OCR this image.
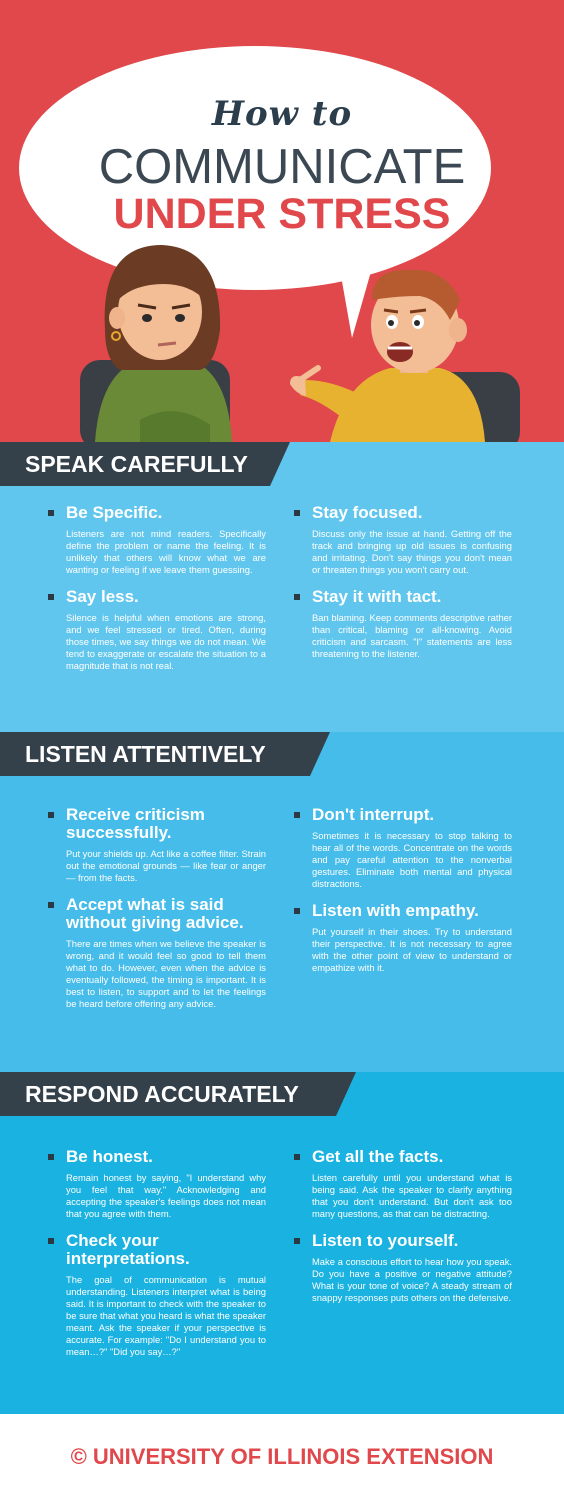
How to
COMMUNICATE
UNDER STRESS
SPEAK CAREFULLY
Be Specific.

Listeners are not mind readers. Specifically define the problem or name the feeling. It is unlikely that others will know what we are wanting or feeling if we leave them guessing.

Say less.

Silence is helpful when emotions are strong, and we feel stressed or tired. Often, during those times, we say things we do not mean. We tend to exaggerate or escalate the situation to a magnitude that is not real.

Stay focused.

Discuss only the issue at hand. Getting off the track and bringing up old issues is confusing and irritating. Don't say things you don't mean or threaten things you won't carry out.

Stay it with tact.

Ban blaming. Keep comments descriptive rather than critical, blaming or all-knowing. Avoid criticism and sarcasm. "I" statements are less threatening to the listener.

LISTEN ATTENTIVELY
Receive criticism successfully.

Put your shields up. Act like a coffee filter. Strain out the emotional grounds — like fear or anger — from the facts.

Accept what is said without giving advice.

There are times when we believe the speaker is wrong, and it would feel so good to tell them what to do. However, even when the advice is eventually followed, the timing is important. It is best to listen, to support and to let the feelings be heard before offering any advice.

Don't interrupt.

Sometimes it is necessary to stop talking to hear all of the words. Concentrate on the words and pay careful attention to the nonverbal gestures. Eliminate both mental and physical distractions.

Listen with empathy.

Put yourself in their shoes. Try to understand their perspective. It is not necessary to agree with the other point of view to understand or empathize with it.

RESPOND ACCURATELY
Be honest.

Remain honest by saying, "I understand why you feel that way." Acknowledging and accepting the speaker's feelings does not mean that you agree with them.

Check your interpretations.

The goal of communication is mutual understanding. Listeners interpret what is being said. It is important to check with the speaker to be sure that what you heard is what the speaker meant. Ask the speaker if your perspective is accurate. For example: "Do I understand you to mean…?" "Did you say…?"

Get all the facts.

Listen carefully until you understand what is being said. Ask the speaker to clarify anything that you don't understand. But don't ask too many questions, as that can be distracting.

Listen to yourself.

Make a conscious effort to hear how you speak. Do you have a positive or negative attitude? What is your tone of voice? A steady stream of snappy responses puts others on the defensive.

© UNIVERSITY OF ILLINOIS EXTENSION
